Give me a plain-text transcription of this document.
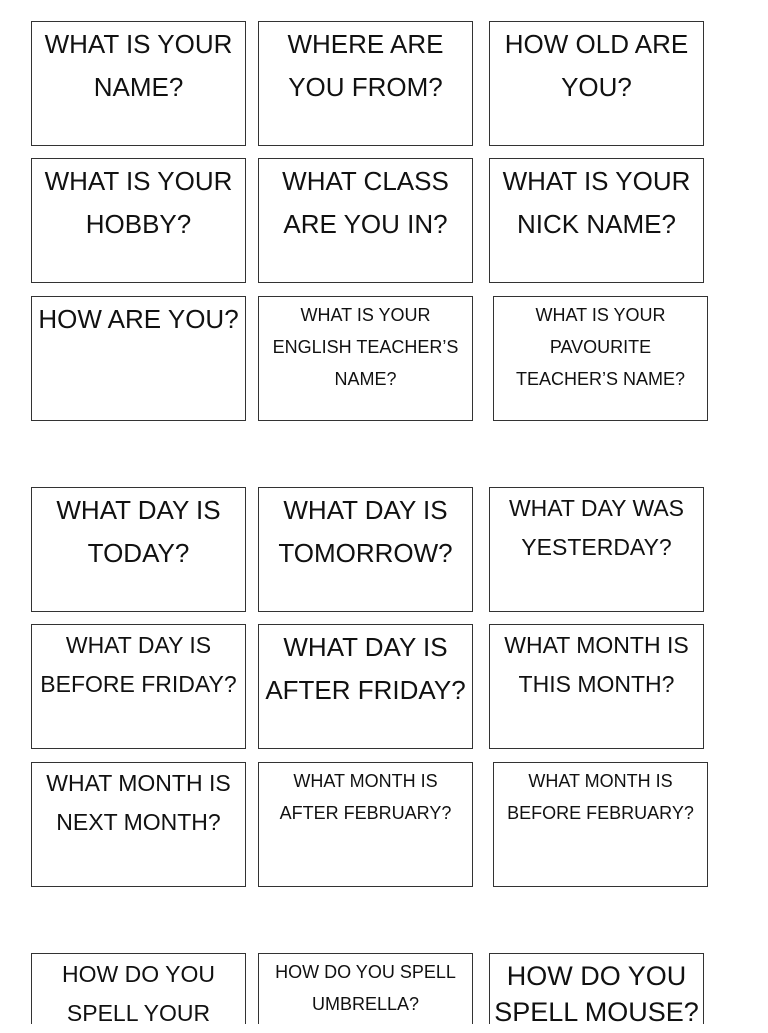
WHAT IS YOUR NAME?
WHERE ARE YOU FROM?
HOW OLD ARE YOU?
WHAT IS YOUR HOBBY?
WHAT CLASS ARE YOU IN?
WHAT IS YOUR NICK NAME?
HOW ARE YOU?	WHAT IS YOUR ENGLISH TEACHER’S NAME?
WHAT IS YOUR PAVOURITE TEACHER’S NAME?
WHAT DAY IS TODAY?
WHAT DAY IS TOMORROW?
WHAT DAY WAS YESTERDAY?
WHAT DAY IS BEFORE FRIDAY?
WHAT DAY IS AFTER FRIDAY?
WHAT MONTH IS THIS MONTH?
WHAT MONTH IS NEXT MONTH?
WHAT MONTH IS AFTER FEBRUARY?
WHAT MONTH IS BEFORE FEBRUARY?
HOW DO YOU SPELL YOUR
HOW DO YOU SPELL UMBRELLA?
HOW DO YOU SPELL MOUSE?
